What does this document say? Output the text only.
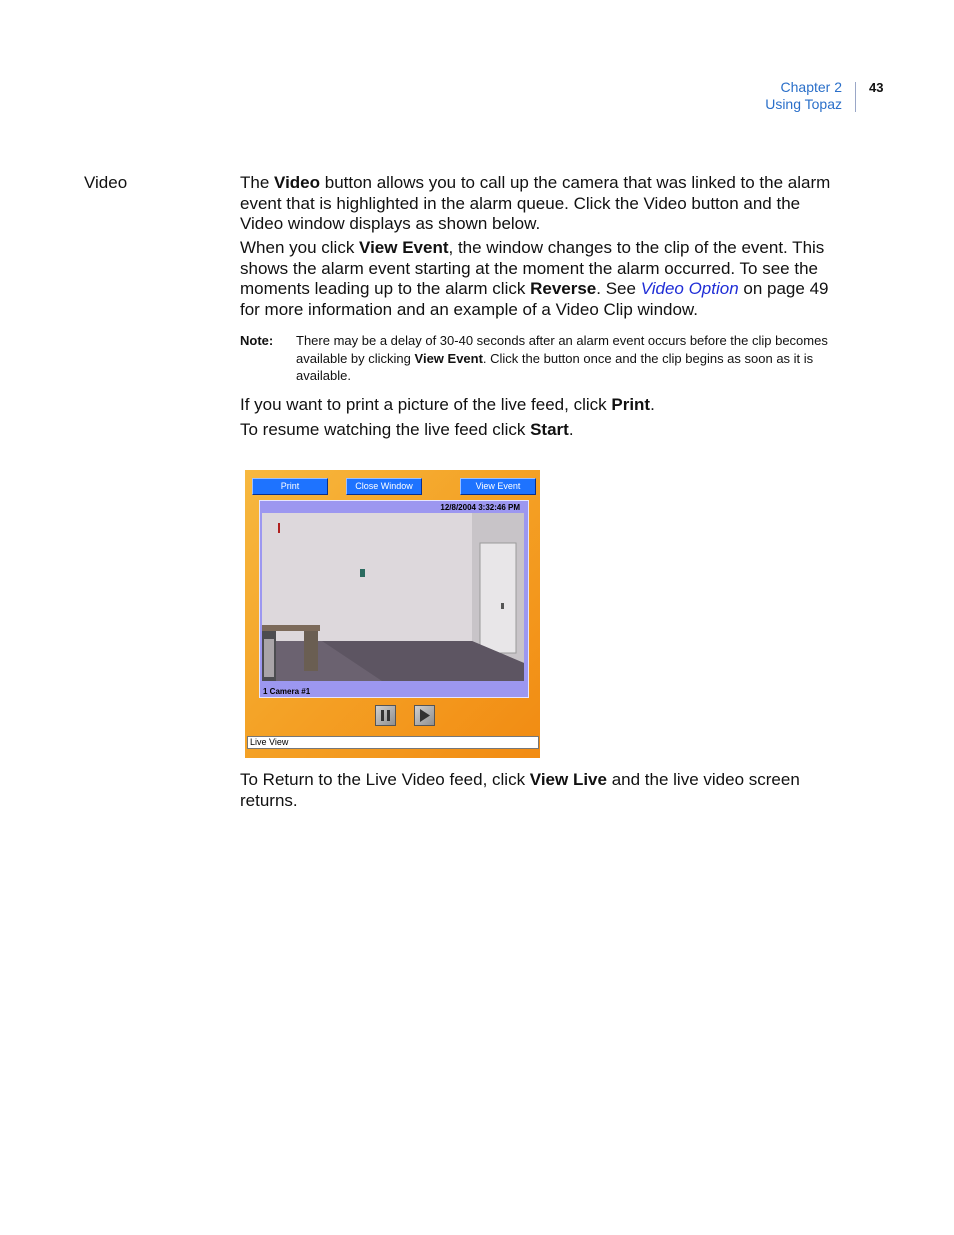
Chapter 2
Using Topaz
43
Video	The Video button allows you to call up the camera that was linked to the alarm event that is highlighted in the alarm queue. Click the Video button and the Video window displays as shown below.

When you click View Event, the window changes to the clip of the event. This shows the alarm event starting at the moment the alarm occurred. To see the moments leading up to the alarm click Reverse. See Video Option on page 49 for more information and an example of a Video Clip window.

Note: There may be a delay of 30-40 seconds after an alarm event occurs before the clip becomes available by clicking View Event. Click the button once and the clip begins as soon as it is available.

If you want to print a picture of the live feed, click Print.

To resume watching the live feed click Start.

Print	Close Window	View Event
12/8/2004 3:32:46 PM
1 Camera #1
Live View

To Return to the Live Video feed, click View Live and the live video screen returns.
